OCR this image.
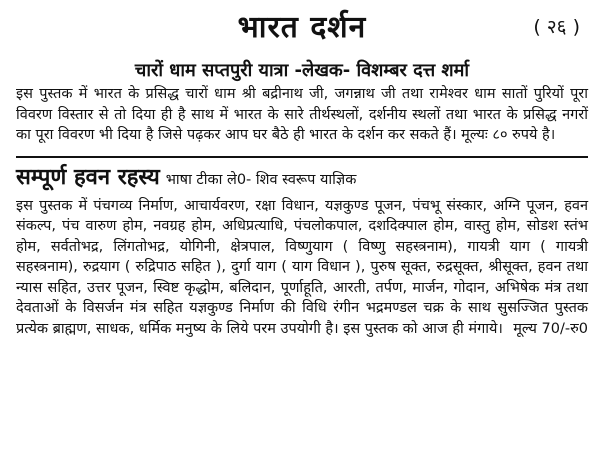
भारत दर्शन	( २६ )
चारों धाम सप्तपुरी यात्रा -लेखक- विशम्बर दत्त शर्मा

इस पुस्तक में भारत के प्रसिद्ध चारों धाम श्री बद्रीनाथ जी, जगन्नाथ जी तथा रामेश्वर धाम सातों पुरियों पूरा विवरण विस्तार से तो दिया ही है साथ में भारत के सारे तीर्थस्थलों, दर्शनीय स्थलों तथा भारत के प्रसिद्ध नगरों का पूरा विवरण भी दिया है जिसे पढ़कर आप घर बैठे ही भारत के दर्शन कर सकते हैं। मूल्यः ८० रुपये है।

सम्पूर्ण हवन रहस्य भाषा टीका ले0- शिव स्वरूप याज्ञिक

इस पुस्तक में पंचगव्य निर्माण, आचार्यवरण, रक्षा विधान, यज्ञकुण्ड पूजन, पंचभू संस्कार, अग्नि पूजन, हवन संकल्प, पंच वारुण होम, नवग्रह होम, अधिप्रत्याधि, पंचलोकपाल, दशदिक्पाल होम, वास्तु होम, सोडश स्तंभ होम, सर्वतोभद्र, लिंगतोभद्र, योगिनी, क्षेत्रपाल, विष्णुयाग ( विष्णु सहस्त्रनाम), गायत्री याग ( गायत्री सहस्त्रनाम), रुद्रयाग ( रुद्रिपाठ सहित ), दुर्गा याग ( याग विधान ), पुरुष सूक्त, रुद्रसूक्त, श्रीसूक्त, हवन तथा न्यास सहित, उत्तर पूजन, स्विष्ट कृद्धोम, बलिदान, पूर्णाहूति, आरती, तर्पण, मार्जन, गोदान, अभिषेक मंत्र तथा देवताओं के विसर्जन मंत्र सहित यज्ञकुण्ड निर्माण की विधि रंगीन भद्रमण्डल चक्र के साथ सुसज्जित पुस्तक प्रत्येक ब्राह्मण, साधक, धर्मिक मनुष्य के लिये परम उपयोगी है। इस पुस्तक को आज ही मंगाये। मूल्य 70/-रु0
